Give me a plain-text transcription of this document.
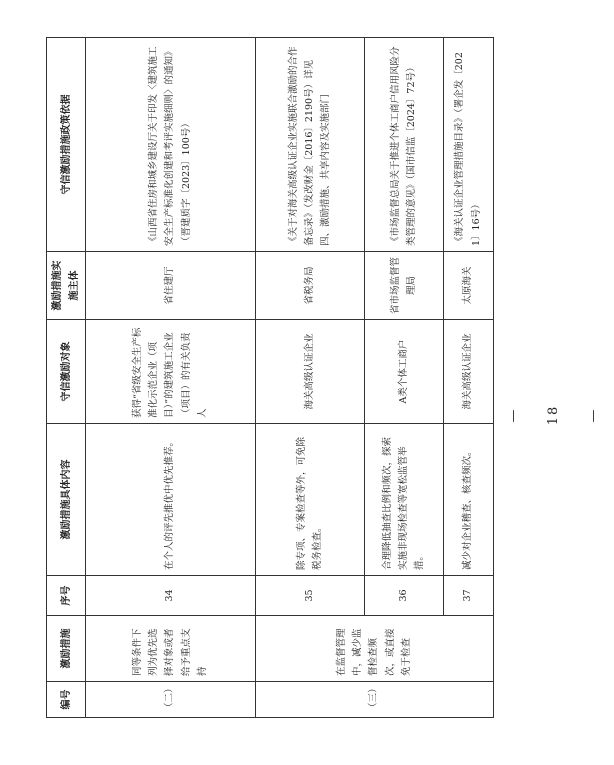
编号	激励措施	序号	激励措施具体内容	守信激励对象	激励措施实施主体	守信激励措施政策依据
（二）	同等条件下列为优先选择对象或者给予重点支持	34	在个人的评先推优中优先推荐。	获得“省级安全生产标准化示范企业（项目）”的建筑施工企业（项目）的有关负责人	省住建厅	《山西省住房和城乡建设厅关于印发〈建筑施工安全生产标准化创建和考评实施细则〉的通知》（晋建质字〔2023〕100号）
（三）	在监督管理中，减少监督检查频次，或直接免于检查	35	除专项、专案检查等外，可免除税务检查。	海关高级认证企业	省税务局	《关于对海关高级认证企业实施联合激励的合作备忘录》（发改财金〔2016〕2190号）详见四、激励措施、共享内容及实施部门
		36	合理降低抽查比例和频次，探索实施非现场检查等宽松监管举措。	A类个体工商户	省市场监督管理局	《市场监督总局关于推进个体工商户信用风险分类管理的意见》（国市信监〔2024〕72号）
		37	减少对企业稽查、核查频次。	海关高级认证企业	太原海关	《海关认证企业管理措施目录》（署企发〔2021〕16号）
— 18 —
